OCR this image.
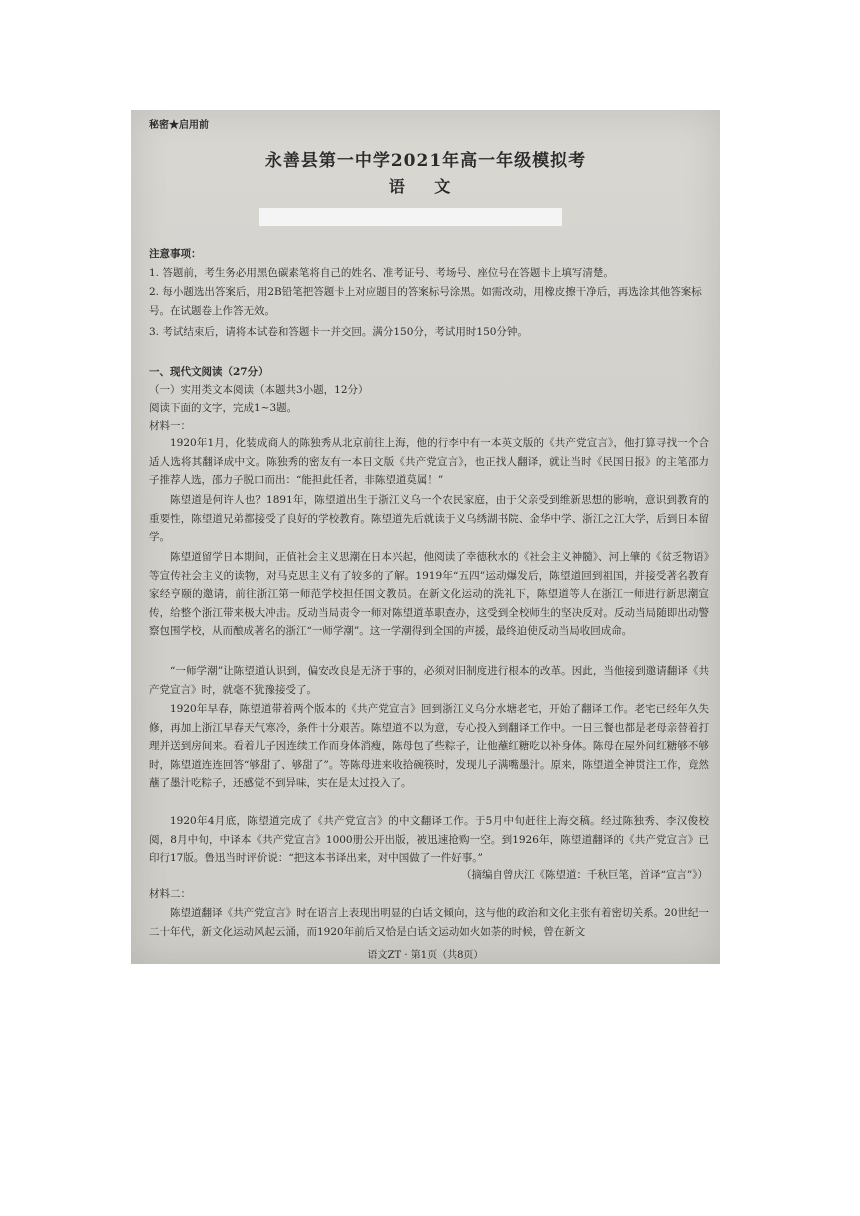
秘密★启用前
永善县第一中学2021年高一年级模拟考
语 文
注意事项：
1. 答题前，考生务必用黑色碳素笔将自己的姓名、准考证号、考场号、座位号在答题卡上填写清楚。
2. 每小题选出答案后，用2B铅笔把答题卡上对应题目的答案标号涂黑。如需改动，用橡皮擦干净后，再选涂其他答案标号。在试题卷上作答无效。
3. 考试结束后，请将本试卷和答题卡一并交回。满分150分，考试用时150分钟。
一、现代文阅读（27分）
（一）实用类文本阅读（本题共3小题，12分）
阅读下面的文字，完成1~3题。
材料一：
1920年1月，化装成商人的陈独秀从北京前往上海，他的行李中有一本英文版的《共产党宣言》，他打算寻找一个合适人选将其翻译成中文。陈独秀的密友有一本日文版《共产党宣言》，也正找人翻译，就让当时《民国日报》的主笔邵力子推荐人选，邵力子脱口而出：“能担此任者，非陈望道莫属！”
陈望道是何许人也？1891年，陈望道出生于浙江义乌一个农民家庭，由于父亲受到维新思想的影响，意识到教育的重要性，陈望道兄弟都接受了良好的学校教育。陈望道先后就读于义乌绣湖书院、金华中学、浙江之江大学，后到日本留学。
陈望道留学日本期间，正值社会主义思潮在日本兴起，他阅读了幸德秋水的《社会主义神髓》、河上肇的《贫乏物语》等宣传社会主义的读物，对马克思主义有了较多的了解。1919年“五四”运动爆发后，陈望道回到祖国，并接受著名教育家经亨颐的邀请，前往浙江第一师范学校担任国文教员。在新文化运动的洗礼下，陈望道等人在浙江一师进行新思潮宣传，给整个浙江带来极大冲击。反动当局责令一师对陈望道革职查办，这受到全校师生的坚决反对。反动当局随即出动警察包围学校，从而酿成著名的浙江“一师学潮”。这一学潮得到全国的声援，最终迫使反动当局收回成命。
“一师学潮”让陈望道认识到，偏安改良是无济于事的，必须对旧制度进行根本的改革。因此，当他接到邀请翻译《共产党宣言》时，就毫不犹豫接受了。
1920年早春，陈望道带着两个版本的《共产党宣言》回到浙江义乌分水塘老宅，开始了翻译工作。老宅已经年久失修，再加上浙江早春天气寒冷，条件十分艰苦。陈望道不以为意，专心投入到翻译工作中。一日三餐也都是老母亲替着打理并送到房间来。看着儿子因连续工作而身体消瘦，陈母包了些粽子，让他蘸红糖吃以补身体。陈母在屋外问红糖够不够时，陈望道连连回答“够甜了、够甜了”。等陈母进来收拾碗筷时，发现儿子满嘴墨汁。原来，陈望道全神贯注工作，竟然蘸了墨汁吃粽子，还感觉不到异味，实在是太过投入了。
1920年4月底，陈望道完成了《共产党宣言》的中文翻译工作。于5月中旬赶往上海交稿。经过陈独秀、李汉俊校阅，8月中旬，中译本《共产党宣言》1000册公开出版，被迅速抢购一空。到1926年，陈望道翻译的《共产党宣言》已印行17版。鲁迅当时评价说：“把这本书译出来，对中国做了一件好事。”
（摘编自曾庆江《陈望道：千秋巨笔，首译“宣言”》）
材料二：
陈望道翻译《共产党宣言》时在语言上表现出明显的白话文倾向，这与他的政治和文化主张有着密切关系。20世纪一二十年代，新文化运动风起云涌，而1920年前后又恰是白话文运动如火如荼的时候，曾在新文
语文ZT · 第1页（共8页）
